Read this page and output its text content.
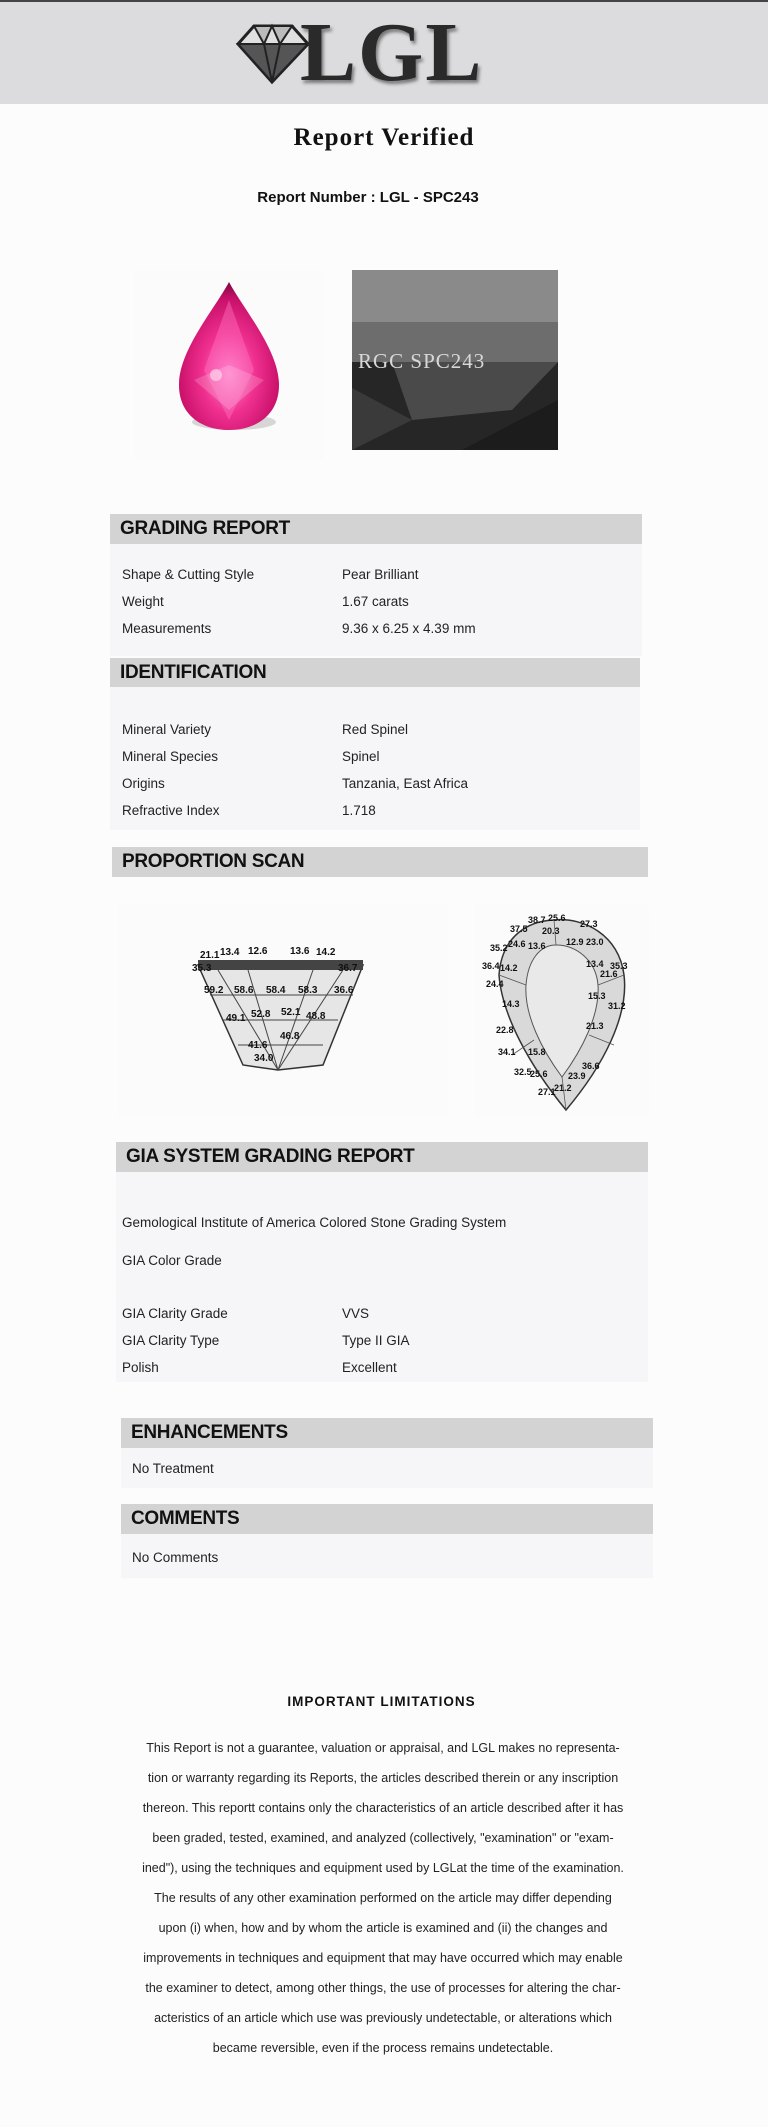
LGL
Report Verified
Report Number : LGL - SPC243
RGC SPC243
GRADING REPORT
Shape & Cutting Style	Pear Brilliant
Weight	1.67 carats
Measurements	9.36 x 6.25 x 4.39 mm
IDENTIFICATION
Mineral Variety	Red Spinel
Mineral Species	Spinel
Origins	Tanzania, East Africa
Refractive Index	1.718
PROPORTION SCAN
21.1 13.4 12.6 13.6 14.2
35.3	36.7
59.2 58.6 58.4 58.3 36.6
52.8 52.1 48.8
49.1
46.8
41.6
34.0
38.7 25.6
37.5 20.3
27.3
35.2 24.6 13.6 12.9 23.0
36.4	13.4
14.2
21.6
24.4
15.3
14.3	31.2
35.3
22.8	21.3
34.1 15.8
32.5
25.6 23.9
36.6
27.1
21.2
GIA SYSTEM GRADING REPORT
Gemological Institute of America Colored Stone Grading System
GIA Color Grade
GIA Clarity Grade	VVS
GIA Clarity Type	Type II GIA
Polish	Excellent
ENHANCEMENTS
No Treatment
COMMENTS
No Comments
IMPORTANT LIMITATIONS
This Report is not a guarantee, valuation or appraisal, and LGL makes no representa-
tion or warranty regarding its Reports, the articles described therein or any inscription
thereon. This reportt contains only the characteristics of an article described after it has
been graded, tested, examined, and analyzed (collectively, "examination" or "exam-
ined"), using the techniques and equipment used by LGLat the time of the examination.
The results of any other examination performed on the article may differ depending
upon (i) when, how and by whom the article is examined and (ii) the changes and
improvements in techniques and equipment that may have occurred which may enable
the examiner to detect, among other things, the use of processes for altering the char-
acteristics of an article which use was previously undetectable, or alterations which
became reversible, even if the process remains undetectable.
